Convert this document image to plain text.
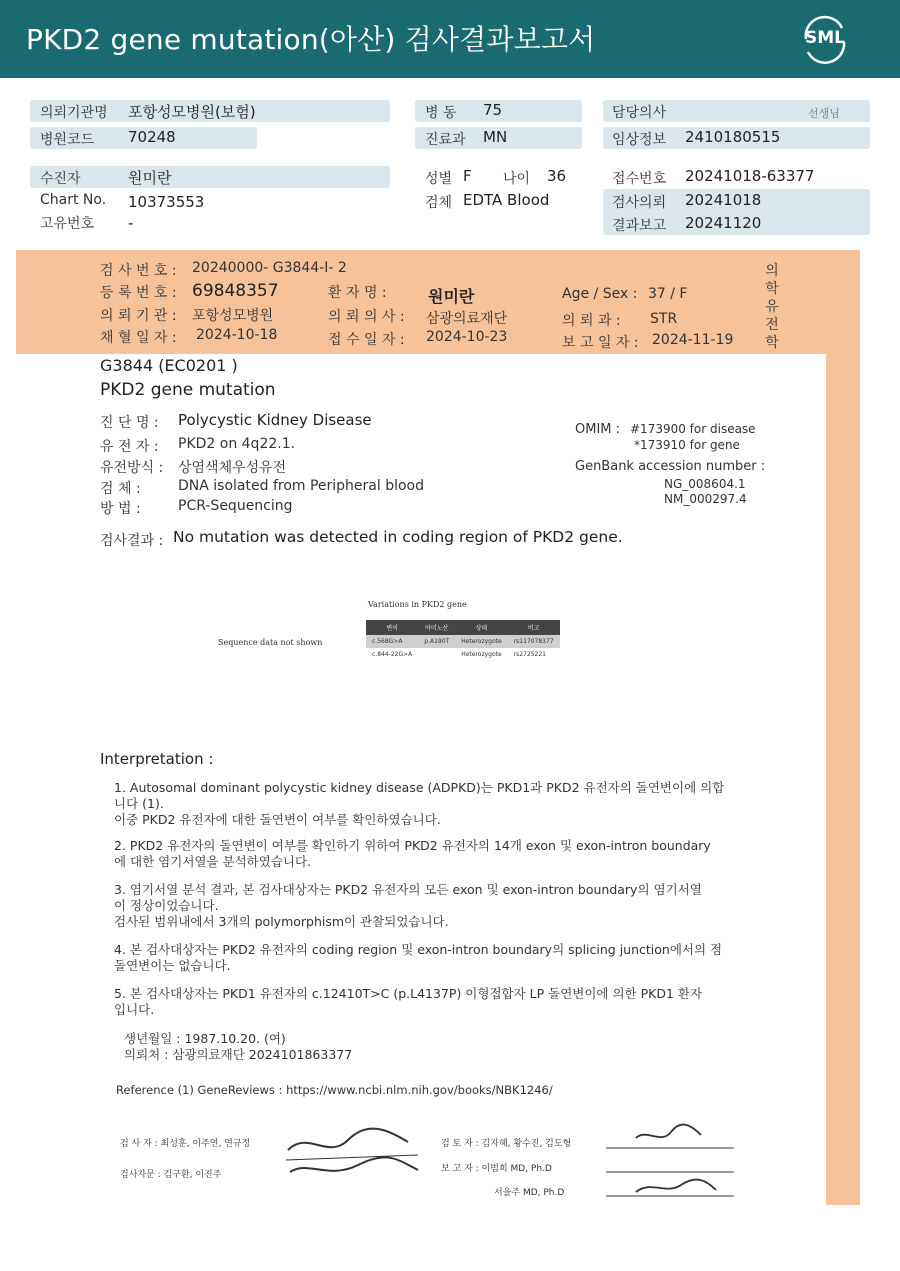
PKD2 gene mutation(아산) 검사결과보고서	SML
의뢰기관명 포항성모병원(보험)
병원코드 70248
병 동 75
진료과 MN
담당의사	선생님
임상정보 2410180515
수진자	원미란
Chart No. 10373553
고유번호 -
성별 F 나이 36
검체 EDTA Blood
접수번호 20241018-63377
검사의뢰 20241018
결과보고 20241120
의학유전학
검 사 번 호 : 20240000- G3844-I- 2
등 록 번 호 : 69848357
의 뢰 기 관 : 포항성모병원
채 혈 일 자 : 2024-10-18
환 자 명 :	원미란
의 뢰 의 사 : 삼광의료재단
접 수 일 자 : 2024-10-23
Age / Sex : 37 / F
의 뢰 과 : STR
보 고 일 자 : 2024-11-19
G3844 (EC0201 )
PKD2 gene mutation
진 단 명 : Polycystic Kidney Disease
유 전 자 : PKD2 on 4q22.1.
유전방식 : 상염색체우성유전
검 체 :	DNA isolated from Peripheral blood
방 법 :	PCR-Sequencing
OMIM : #173900 for disease
*173910 for gene
GenBank accession number :
NG_008604.1
NM_000297.4
검사결과 : No mutation was detected in coding region of PKD2 gene.
Variations in PKD2 gene
Sequence data not shown
변이	아미노산	상태	비고
c.568G>A	p.A190T	Heterozygote	rs117078377
c.844-22G>A		Heterozygote	rs2725221
Interpretation :
1. Autosomal dominant polycystic kidney disease (ADPKD)는 PKD1과 PKD2 유전자의 돌연변이에 의합
니다 (1).
이중 PKD2 유전자에 대한 돌연변이 여부를 확인하였습니다.
2. PKD2 유전자의 돌연변이 여부를 확인하기 위하여 PKD2 유전자의 14개 exon 및 exon-intron boundary
에 대한 염기서열을 분석하였습니다.
3. 염기서열 분석 결과, 본 검사대상자는 PKD2 유전자의 모든 exon 및 exon-intron boundary의 염기서열
이 정상이었습니다.
검사된 범위내에서 3개의 polymorphism이 관찰되었습니다.
4. 본 검사대상자는 PKD2 유전자의 coding region 및 exon-intron boundary의 splicing junction에서의 점
돌연변이는 없습니다.
5. 본 검사대상자는 PKD1 유전자의 c.12410T>C (p.L4137P) 이형접합자 LP 돌연변이에 의한 PKD1 환자
입니다.
생년월일 : 1987.10.20. (여)
의뢰처 : 삼광의료재단 2024101863377
Reference (1) GeneReviews : https://www.ncbi.nlm.nih.gov/books/NBK1246/
검 사 자 : 최성훈, 이주연, 연규정
검사자문 : 김구환, 이진주
검 토 자 : 김자혜, 황수진, 김도형
보 고 자 : 이범희 MD, Ph.D
서을주 MD, Ph.D
